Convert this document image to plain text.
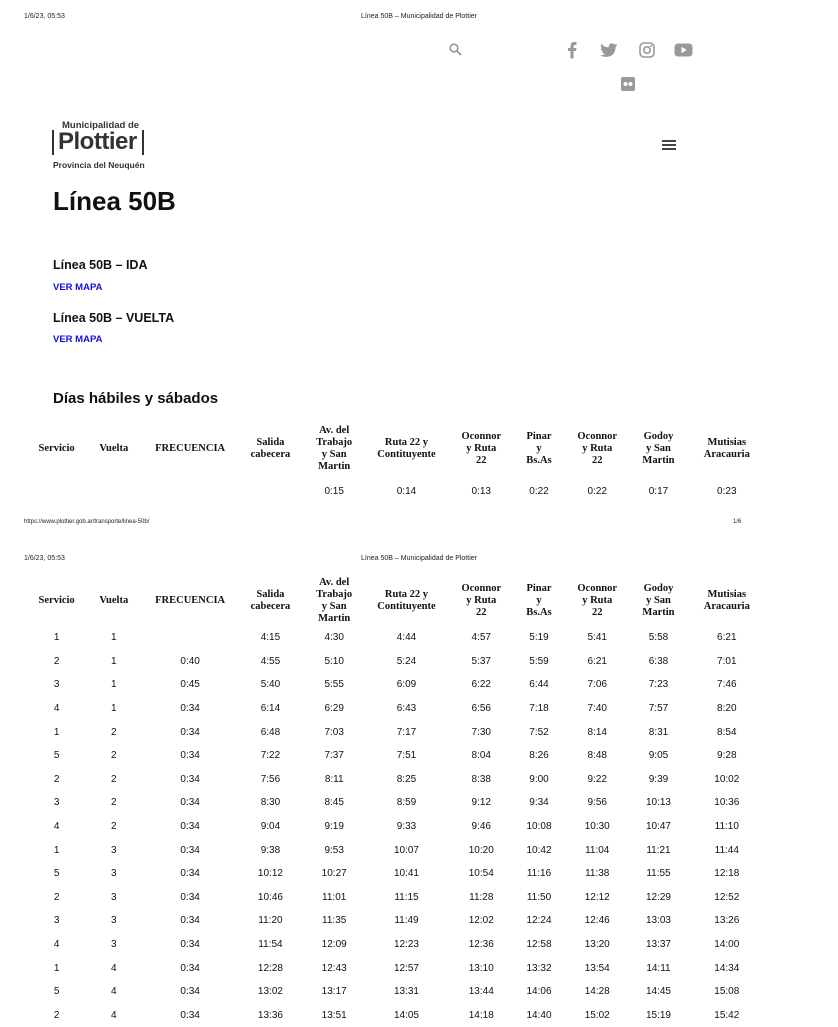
1/6/23, 05:53	Línea 50B – Municipalidad de Plottier
Municipalidad de
Plottier
Provincia del Neuquén
Línea 50B
Línea 50B – IDA
VER MAPA
Línea 50B – VUELTA
VER MAPA
Días hábiles y sábados
Servicio	Vuelta	FRECUENCIA	Salida
cabecera	Av. del
Trabajo
y San
Martin	Ruta 22 y
Contituyente	Oconnor
y Ruta
22	Pinar
y
Bs.As	Oconnor
y Ruta
22	Godoy
y San
Martin	Mutisias
Aracauria

				0:15	0:14	0:13	0:22	0:22	0:17	0:23
https://www.plottier.gob.ar/transporte/linea-50b/	1/6
1/6/23, 05:53	Línea 50B – Municipalidad de Plottier
Servicio	Vuelta	FRECUENCIA	Salida
cabecera	Av. del
Trabajo
y San
Martin	Ruta 22 y
Contituyente	Oconnor
y Ruta
22	Pinar
y
Bs.As	Oconnor
y Ruta
22	Godoy
y San
Martin	Mutisias
Aracauria

1	1		4:15	4:30	4:44	4:57	5:19	5:41	5:58	6:21
2	1	0:40	4:55	5:10	5:24	5:37	5:59	6:21	6:38	7:01
3	1	0:45	5:40	5:55	6:09	6:22	6:44	7:06	7:23	7:46
4	1	0:34	6:14	6:29	6:43	6:56	7:18	7:40	7:57	8:20
1	2	0:34	6:48	7:03	7:17	7:30	7:52	8:14	8:31	8:54
5	2	0:34	7:22	7:37	7:51	8:04	8:26	8:48	9:05	9:28
2	2	0:34	7:56	8:11	8:25	8:38	9:00	9:22	9:39	10:02
3	2	0:34	8:30	8:45	8:59	9:12	9:34	9:56	10:13	10:36
4	2	0:34	9:04	9:19	9:33	9:46	10:08	10:30	10:47	11:10
1	3	0:34	9:38	9:53	10:07	10:20	10:42	11:04	11:21	11:44
5	3	0:34	10:12	10:27	10:41	10:54	11:16	11:38	11:55	12:18
2	3	0:34	10:46	11:01	11:15	11:28	11:50	12:12	12:29	12:52
3	3	0:34	11:20	11:35	11:49	12:02	12:24	12:46	13:03	13:26
4	3	0:34	11:54	12:09	12:23	12:36	12:58	13:20	13:37	14:00
1	4	0:34	12:28	12:43	12:57	13:10	13:32	13:54	14:11	14:34
5	4	0:34	13:02	13:17	13:31	13:44	14:06	14:28	14:45	15:08
2	4	0:34	13:36	13:51	14:05	14:18	14:40	15:02	15:19	15:42
